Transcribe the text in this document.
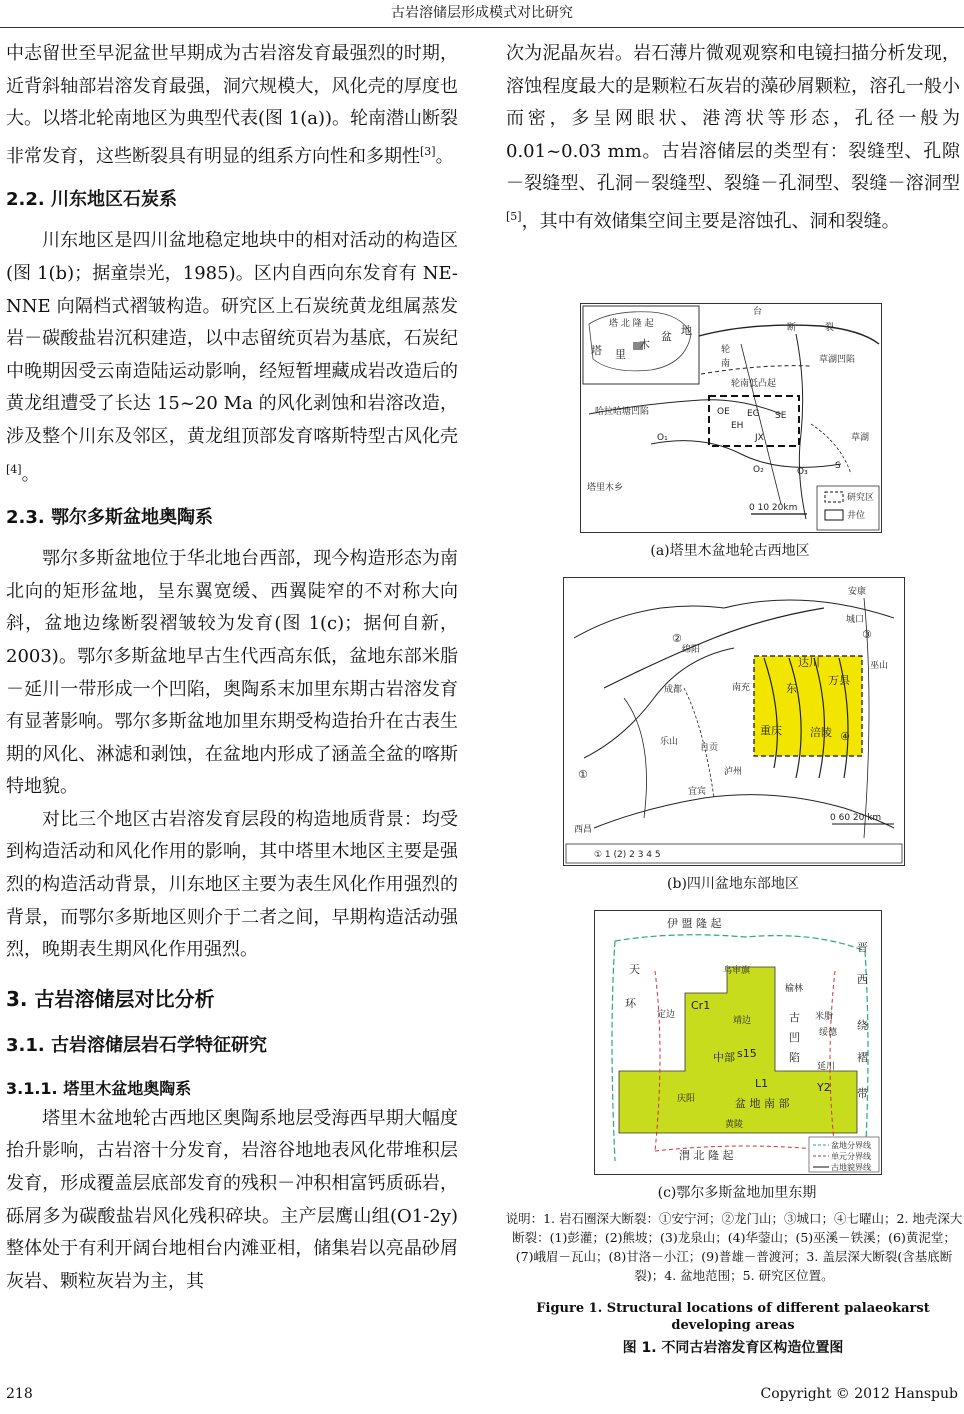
古岩溶储层形成模式对比研究

中志留世至早泥盆世早期成为古岩溶发育最强烈的时期，近背斜轴部岩溶发育最强，洞穴规模大，风化壳的厚度也大。以塔北轮南地区为典型代表(图 1(a))。轮南潜山断裂非常发育，这些断裂具有明显的组系方向性和多期性[3]。

2.2. 川东地区石炭系

川东地区是四川盆地稳定地块中的相对活动的构造区(图 1(b)；据童崇光，1985)。区内自西向东发育有 NE-NNE 向隔档式褶皱构造。研究区上石炭统黄龙组属蒸发岩－碳酸盐岩沉积建造，以中志留统页岩为基底，石炭纪中晚期因受云南造陆运动影响，经短暂埋藏成岩改造后的黄龙组遭受了长达 15~20 Ma 的风化剥蚀和岩溶改造，涉及整个川东及邻区，黄龙组顶部发育喀斯特型古风化壳[4]。

2.3. 鄂尔多斯盆地奥陶系

鄂尔多斯盆地位于华北地台西部，现今构造形态为南北向的矩形盆地，呈东翼宽缓、西翼陡窄的不对称大向斜，盆地边缘断裂褶皱较为发育(图 1(c)；据何自新，2003)。鄂尔多斯盆地早古生代西高东低，盆地东部米脂－延川一带形成一个凹陷，奥陶系末加里东期古岩溶发育有显著影响。鄂尔多斯盆地加里东期受构造抬升在古表生期的风化、淋滤和剥蚀，在盆地内形成了涵盖全盆的喀斯特地貌。

对比三个地区古岩溶发育层段的构造地质背景：均受到构造活动和风化作用的影响，其中塔里木地区主要是强烈的构造活动背景，川东地区主要为表生风化作用强烈的背景，而鄂尔多斯地区则介于二者之间，早期构造活动强烈，晚期表生期风化作用强烈。

3. 古岩溶储层对比分析

3.1. 古岩溶储层岩石学特征研究

3.1.1. 塔里木盆地奥陶系

塔里木盆地轮古西地区奥陶系地层受海西早期大幅度抬升影响，古岩溶十分发育，岩溶谷地地表风化带堆积层发育，形成覆盖层底部发育的残积－冲积相富钙质砾岩，砾屑多为碳酸盐岩风化残积碎块。主产层鹰山组(O1-2y)整体处于有利开阔台地相台内滩亚相，储集岩以亮晶砂屑灰岩、颗粒灰岩为主，其

次为泥晶灰岩。岩石薄片微观观察和电镜扫描分析发现，溶蚀程度最大的是颗粒石灰岩的藻砂屑颗粒，溶孔一般小而密，多呈网眼状、港湾状等形态，孔径一般为 0.01~0.03 mm。古岩溶储层的类型有：裂缝型、孔隙－裂缝型、孔洞－裂缝型、裂缝－孔洞型、裂缝－溶洞型[5]，其中有效储集空间主要是溶蚀孔、洞和裂缝。

塔 北 隆 起
塔 里
木
盆 地
台
断	裂
轮
南	草湖凹陷
轮南低凸起
哈拉哈塘凹陷
O₁
O₂	O₃
S
草湖
塔里木乡
OE EG SE
EH
JX
研究区
井位
0 10 20km
(a)塔里木盆地轮古西地区
达川
东
万县
重庆	涪陵
成都
乐山
宜宾
西昌
自贡
南充
绵阳
安康
巫山
泸州
城口
①
②	③
④
0 60 20 km
① 1 (2) 2 3 4 5
(b)四川盆地东部地区
伊 盟 隆 起
晋
西
绕
褶
带
天
环
乌审旗
靖边
榆林
米脂
绥德
延川
定边
庆阳
黄陵
s15
L1	Y2
Cr1
中部
盆 地 南 部
渭 北 隆 起
古
凹
陷
盆地分界线
单元分界线
古地貌界线
(c)鄂尔多斯盆地加里东期
说明：1. 岩石圈深大断裂：①安宁河；②龙门山；③城口；④七曜山；2. 地壳深大断裂：(1)彭灌；(2)熊坡；(3)龙泉山；(4)华蓥山；(5)巫溪－铁溪；(6)黄泥堂；(7)峨眉－瓦山；(8)甘洛－小江；(9)普雄－普渡河；3. 盖层深大断裂(含基底断裂)；4. 盆地范围；5. 研究区位置。
Figure 1. Structural locations of different palaeokarst developing areas
图 1. 不同古岩溶发育区构造位置图
218	Copyright © 2012 Hanspub
